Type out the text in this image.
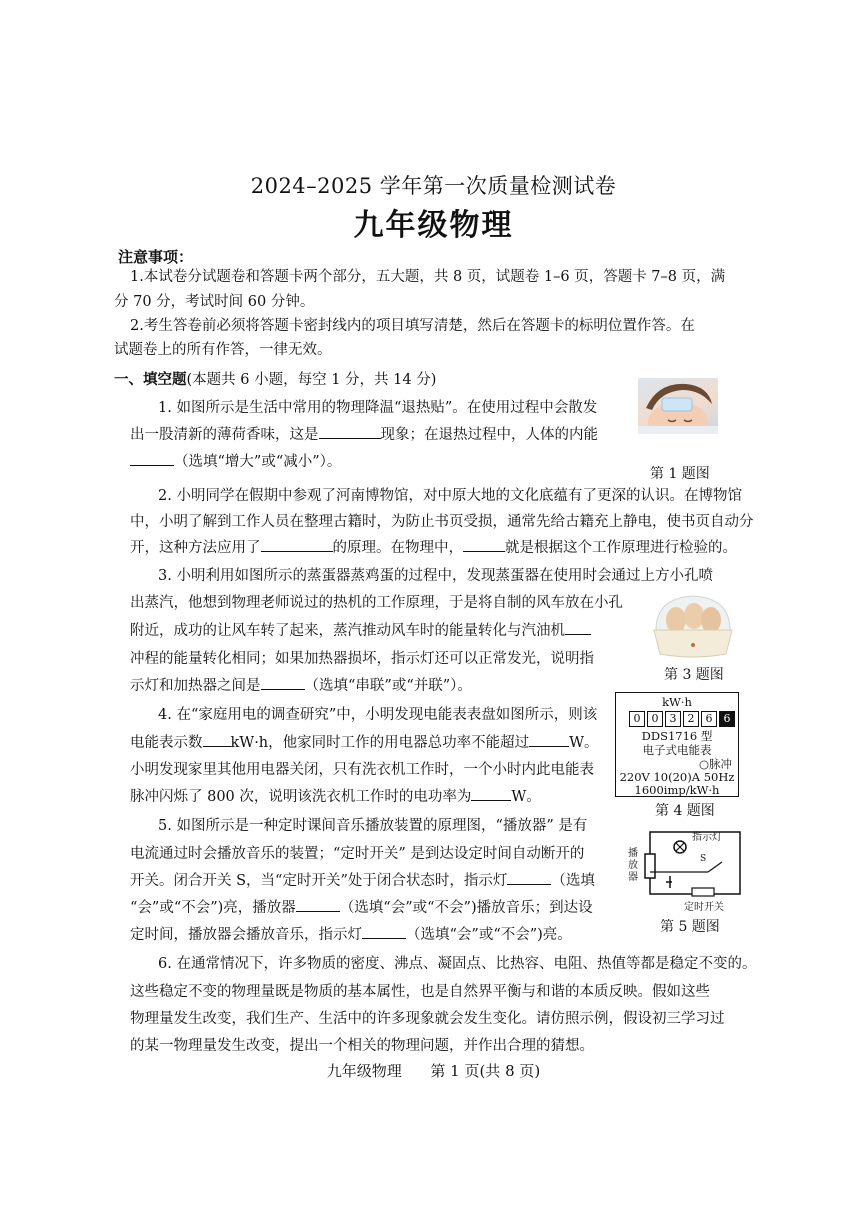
2024–2025 学年第一次质量检测试卷
九年级物理
注意事项：
1.本试卷分试题卷和答题卡两个部分，五大题，共 8 页，试题卷 1–6 页，答题卡 7–8 页，满
分 70 分，考试时间 60 分钟。
2.考生答卷前必须将答题卡密封线内的项目填写清楚，然后在答题卡的标明位置作答。在
试题卷上的所有作答，一律无效。
一、填空题(本题共 6 小题，每空 1 分，共 14 分)
1. 如图所示是生活中常用的物理降温“退热贴”。在使用过程中会散发
出一股清新的薄荷香味，这是	现象；在退热过程中，人体的内能
（选填“增大”或“减小”）。
第 1 题图
2. 小明同学在假期中参观了河南博物馆，对中原大地的文化底蕴有了更深的认识。在博物馆
中，小明了解到工作人员在整理古籍时，为防止书页受损，通常先给古籍充上静电，使书页自动分
开，这种方法应用了	的原理。在物理中，	就是根据这个工作原理进行检验的。
3. 小明利用如图所示的蒸蛋器蒸鸡蛋的过程中，发现蒸蛋器在使用时会通过上方小孔喷
出蒸汽，他想到物理老师说过的热机的工作原理，于是将自制的风车放在小孔
附近，成功的让风车转了起来，蒸汽推动风车时的能量转化与汽油机
冲程的能量转化相同；如果加热器损坏，指示灯还可以正常发光，说明指
示灯和加热器之间是	（选填“串联”或“并联”）。
第 3 题图
4. 在“家庭用电的调查研究”中，小明发现电能表表盘如图所示，则该
电能表示数 kW·h，他家同时工作的用电器总功率不能超过	W。
小明发现家里其他用电器关闭，只有洗衣机工作时，一个小时内此电能表
脉冲闪烁了 800 次，说明该洗衣机工作时的电功率为	W。
kW·h
0	0	3	2	6	6
DDS1716 型
电子式电能表
○脉冲
220V 10(20)A 50Hz
1600imp/kW·h
第 4 题图
5. 如图所示是一种定时课间音乐播放装置的原理图，“播放器” 是有
电流通过时会播放音乐的装置；“定时开关” 是到达设定时间自动断开的
开关。闭合开关 S，当“定时开关”处于闭合状态时，指示灯	（选填
“会”或“不会”)亮，播放器	（选填“会”或“不会”)播放音乐；到达设
定时间，播放器会播放音乐，指示灯	（选填“会”或“不会”)亮。
指示灯
播放器
S
定时开关
第 5 题图
6. 在通常情况下，许多物质的密度、沸点、凝固点、比热容、电阻、热值等都是稳定不变的。
这些稳定不变的物理量既是物质的基本属性，也是自然界平衡与和谐的本质反映。假如这些
物理量发生改变，我们生产、生活中的许多现象就会发生变化。请仿照示例，假设初三学习过
的某一物理量发生改变，提出一个相关的物理问题，并作出合理的猜想。
九年级物理 第 1 页(共 8 页)
